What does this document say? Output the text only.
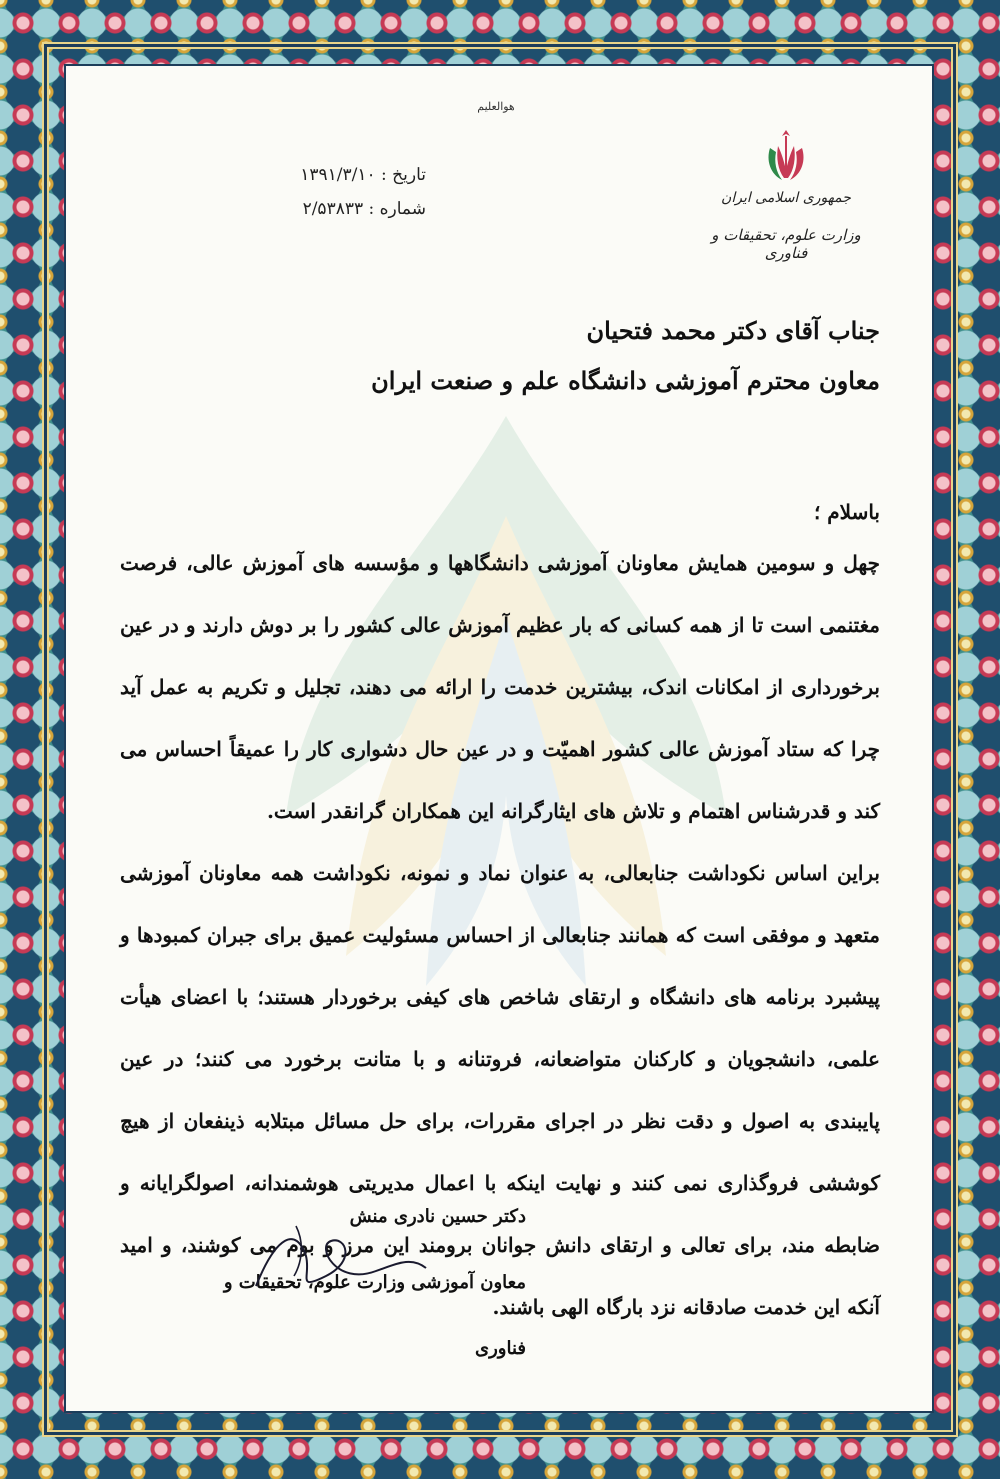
هوالعلیم
جمهوری اسلامی ایران
وزارت علوم، تحقیقات و فناوری
تاریخ : ۱۳۹۱/۳/۱۰
شماره : ۲/۵۳۸۳۳
جناب آقای دکتر محمد فتحیان
معاون محترم آموزشی دانشگاه علم و صنعت ایران

باسلام ؛

چهل و سومین همایش معاونان آموزشی دانشگاهها و مؤسسه های آموزش عالی، فرصت مغتنمی است تا از همه کسانی که بار عظیم آموزش عالی کشور را بر دوش دارند و در عین برخورداری از امکانات اندک، بیشترین خدمت را ارائه می دهند، تجلیل و تکریم به عمل آید چرا که ستاد آموزش عالی کشور اهمیّت و در عین حال دشواری کار را عمیقاً احساس می کند و قدرشناس اهتمام و تلاش های ایثارگرانه این همکاران گرانقدر است.

براین اساس نکوداشت جنابعالی، به عنوان نماد و نمونه، نکوداشت همه معاونان آموزشی متعهد و موفقی است که همانند جنابعالی از احساس مسئولیت عمیق برای جبران کمبودها و پیشبرد برنامه های دانشگاه و ارتقای شاخص های کیفی برخوردار هستند؛ با اعضای هیأت علمی، دانشجویان و کارکنان متواضعانه، فروتنانه و با متانت برخورد می کنند؛ در عین پایبندی به اصول و دقت نظر در اجرای مقررات، برای حل مسائل مبتلابه ذینفعان از هیچ کوششی فروگذاری نمی کنند و نهایت اینکه با اعمال مدیریتی هوشمندانه، اصولگرایانه و ضابطه مند، برای تعالی و ارتقای دانش جوانان برومند این مرز و بوم می کوشند، و امید آنکه این خدمت صادقانه نزد بارگاه الهی باشند.

دکتر حسین نادری منش
معاون آموزشی وزارت علوم، تحقیقات و فناوری
